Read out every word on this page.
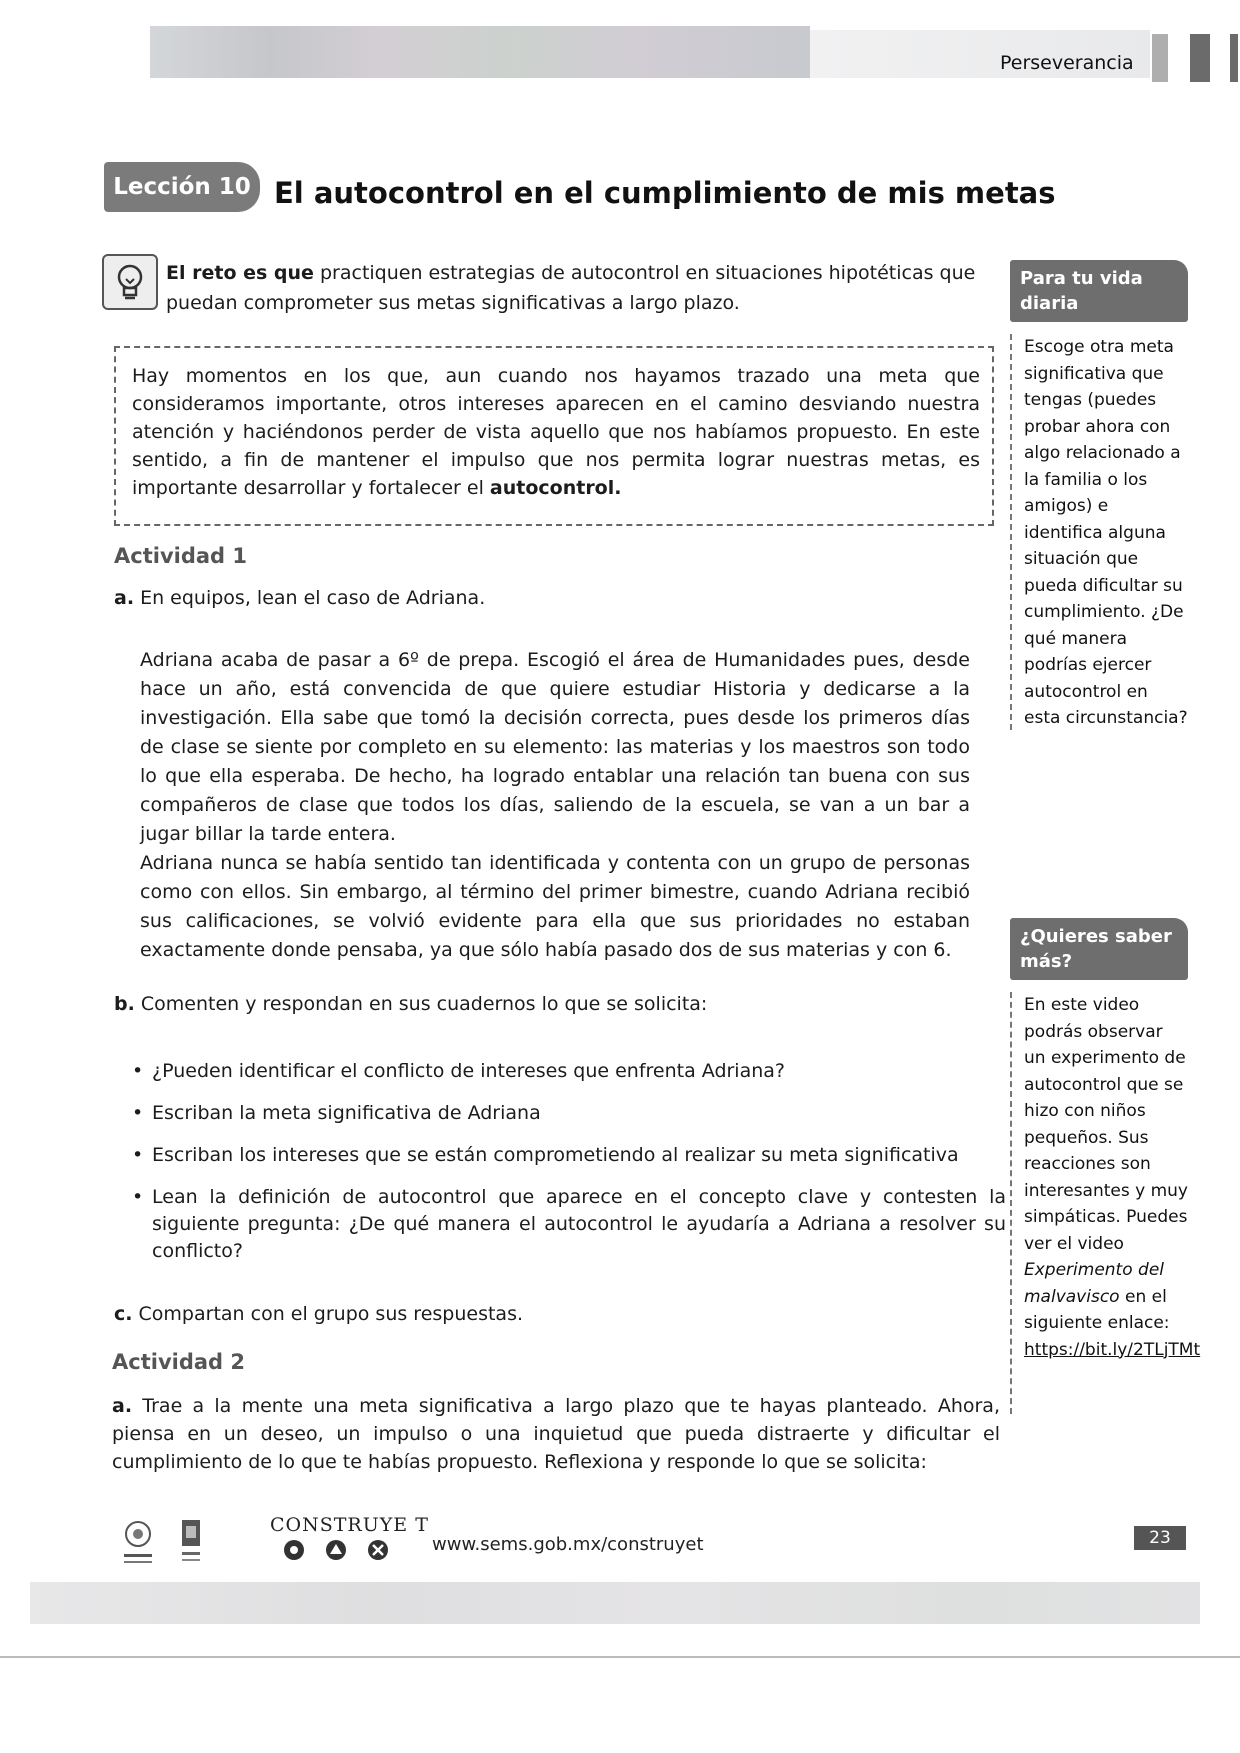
Perseverancia
Lección 10 El autocontrol en el cumplimiento de mis metas
El reto es que practiquen estrategias de autocontrol en situaciones hipotéticas que puedan comprometer sus metas significativas a largo plazo.
Hay momentos en los que, aun cuando nos hayamos trazado una meta que consideramos importante, otros intereses aparecen en el camino desviando nuestra atención y haciéndonos perder de vista aquello que nos habíamos propuesto. En este sentido, a fin de mantener el impulso que nos permita lograr nuestras metas, es importante desarrollar y fortalecer el autocontrol.
Actividad 1
a. En equipos, lean el caso de Adriana.

Adriana acaba de pasar a 6º de prepa. Escogió el área de Humanidades pues, desde hace un año, está convencida de que quiere estudiar Historia y dedicarse a la investigación. Ella sabe que tomó la decisión correcta, pues desde los primeros días de clase se siente por completo en su elemento: las materias y los maestros son todo lo que ella esperaba. De hecho, ha logrado entablar una relación tan buena con sus compañeros de clase que todos los días, saliendo de la escuela, se van a un bar a jugar billar la tarde entera.

Adriana nunca se había sentido tan identificada y contenta con un grupo de personas como con ellos. Sin embargo, al término del primer bimestre, cuando Adriana recibió sus calificaciones, se volvió evidente para ella que sus prioridades no estaban exactamente donde pensaba, ya que sólo había pasado dos de sus materias y con 6.

b. Comenten y respondan en sus cuadernos lo que se solicita:
• ¿Pueden identificar el conflicto de intereses que enfrenta Adriana?
• Escriban la meta significativa de Adriana
• Escriban los intereses que se están comprometiendo al realizar su meta significativa
• Lean la definición de autocontrol que aparece en el concepto clave y contesten la siguiente pregunta: ¿De qué manera el autocontrol le ayudaría a Adriana a resolver su conflicto?
c. Compartan con el grupo sus respuestas.
Actividad 2
a. Trae a la mente una meta significativa a largo plazo que te hayas planteado. Ahora, piensa en un deseo, un impulso o una inquietud que pueda distraerte y dificultar el cumplimiento de lo que te habías propuesto. Reflexiona y responde lo que se solicita:
Para tu vida diaria
Escoge otra meta significativa que tengas (puedes probar ahora con algo relacionado a la familia o los amigos) e identifica alguna situación que pueda dificultar su cumplimiento. ¿De qué manera podrías ejercer autocontrol en esta circunstancia?
¿Quieres saber más?
En este video podrás observar un experimento de autocontrol que se hizo con niños pequeños. Sus reacciones son interesantes y muy simpáticas. Puedes ver el video Experimento del malvavisco en el siguiente enlace: https://bit.ly/2TLjTMt
CONSTRUYE T
www.sems.gob.mx/construyet	23
